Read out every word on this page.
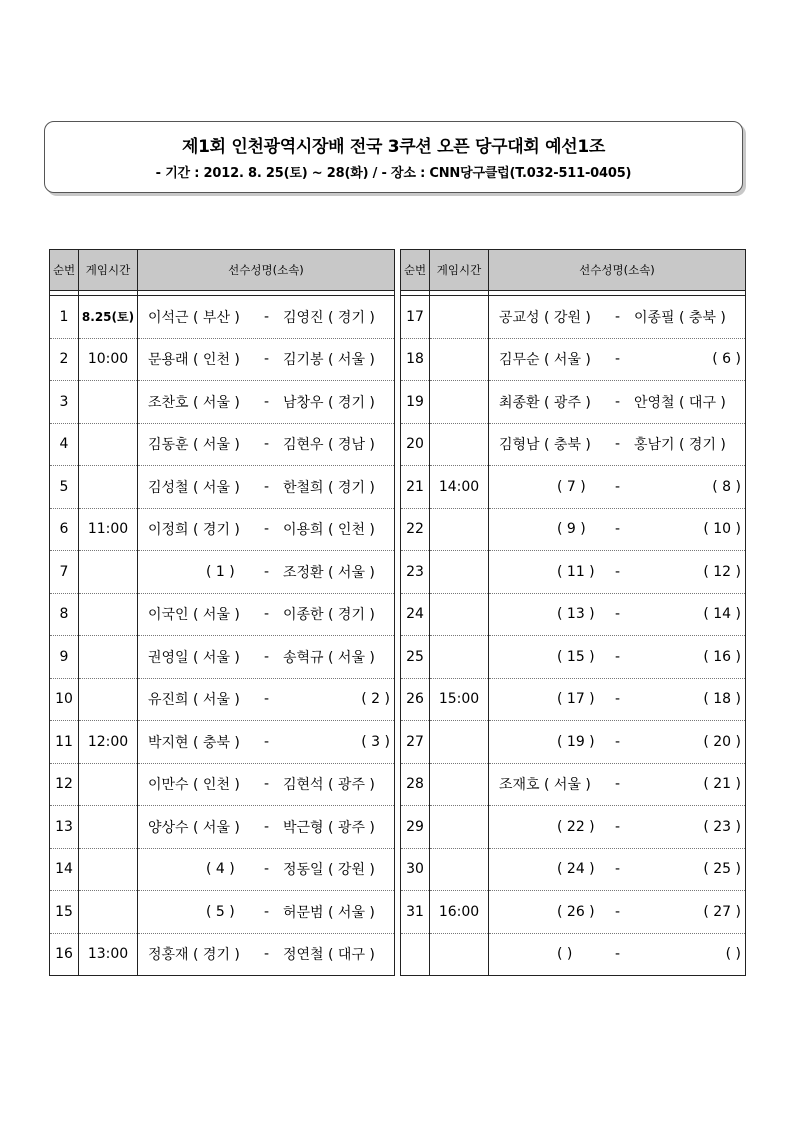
제1회 인천광역시장배 전국 3쿠션 오픈 당구대회 예선1조
- 기간 : 2012. 8. 25(토) ~ 28(화) / - 장소 : CNN당구클럽(T.032-511-0405)
순번	게임시간	선수성명(소속)

1	8.25(토)	이석근 ( 부산 ) - 김영진 ( 경기 )

2	10:00	문용래 ( 인천 ) - 김기봉 ( 서울 )

3		조찬호 ( 서울 ) - 남창우 ( 경기 )

4		김동훈 ( 서울 ) - 김현우 ( 경남 )

5		김성철 ( 서울 ) - 한철희 ( 경기 )

6	11:00	이정희 ( 경기 ) - 이용희 ( 인천 )

7		( 1 ) - 조정환 ( 서울 )

8		이국인 ( 서울 ) - 이종한 ( 경기 )

9		권영일 ( 서울 ) - 송혁규 ( 서울 )

10		유진희 ( 서울 ) - ( 2 )

11	12:00	박지현 ( 충북 ) - ( 3 )

12		이만수 ( 인천 ) - 김현석 ( 광주 )

13		양상수 ( 서울 ) - 박근형 ( 광주 )

14		( 4 ) - 정동일 ( 강원 )

15		( 5 ) - 허문범 ( 서울 )

16	13:00	정홍재 ( 경기 ) - 정연철 ( 대구 )
순번	게임시간	선수성명(소속)

17		공교성 ( 강원 ) - 이종필 ( 충북 )

18		김무순 ( 서울 ) - ( 6 )

19		최종환 ( 광주 ) - 안영철 ( 대구 )

20		김형남 ( 충북 ) - 홍남기 ( 경기 )

21	14:00	( 7 ) - ( 8 )

22		( 9 ) - ( 10 )

23		( 11 ) - ( 12 )

24		( 13 ) - ( 14 )

25		( 15 ) - ( 16 )

26	15:00	( 17 ) - ( 18 )

27		( 19 ) - ( 20 )

28		조재호 ( 서울 ) - ( 21 )

29		( 22 ) - ( 23 )

30		( 24 ) - ( 25 )

31	16:00	( 26 ) - ( 27 )

		( ) - ( )
